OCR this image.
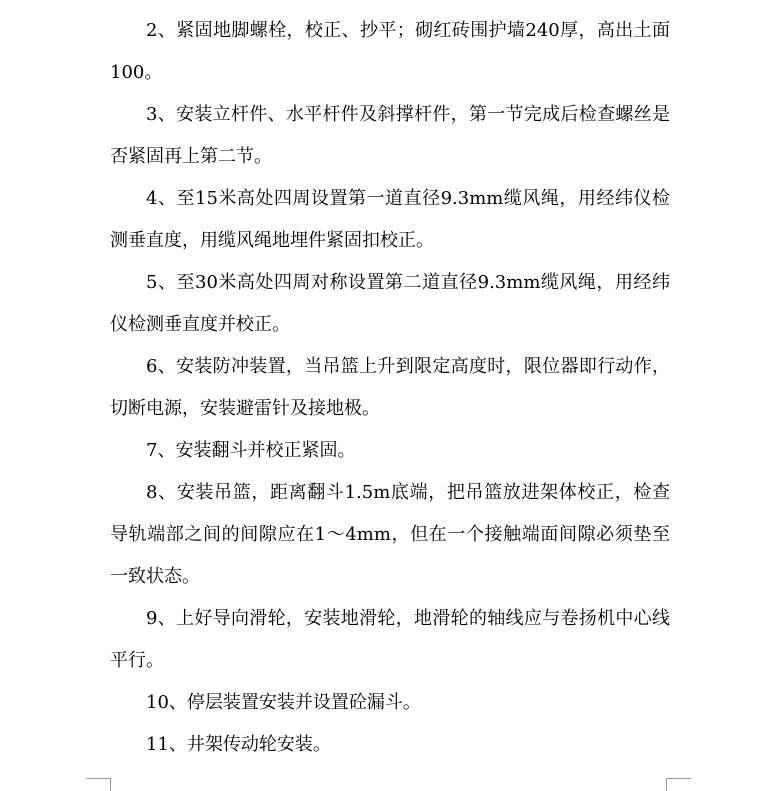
2、紧固地脚螺栓，校正、抄平；砌红砖围护墙240厚，高出土面100。

3、安装立杆件、水平杆件及斜撑杆件，第一节完成后检查螺丝是否紧固再上第二节。

4、至15米高处四周设置第一道直径9.3mm缆风绳，用经纬仪检测垂直度，用缆风绳地埋件紧固扣校正。

5、至30米高处四周对称设置第二道直径9.3mm缆风绳，用经纬仪检测垂直度并校正。

6、安装防冲装置，当吊篮上升到限定高度时，限位器即行动作，切断电源，安装避雷针及接地极。

7、安装翻斗并校正紧固。

8、安装吊篮，距离翻斗1.5m底端，把吊篮放进架体校正，检查导轨端部之间的间隙应在1～4mm，但在一个接触端面间隙必须垫至一致状态。

9、上好导向滑轮，安装地滑轮，地滑轮的轴线应与卷扬机中心线平行。

10、停层装置安装并设置砼漏斗。

11、井架传动轮安装。
